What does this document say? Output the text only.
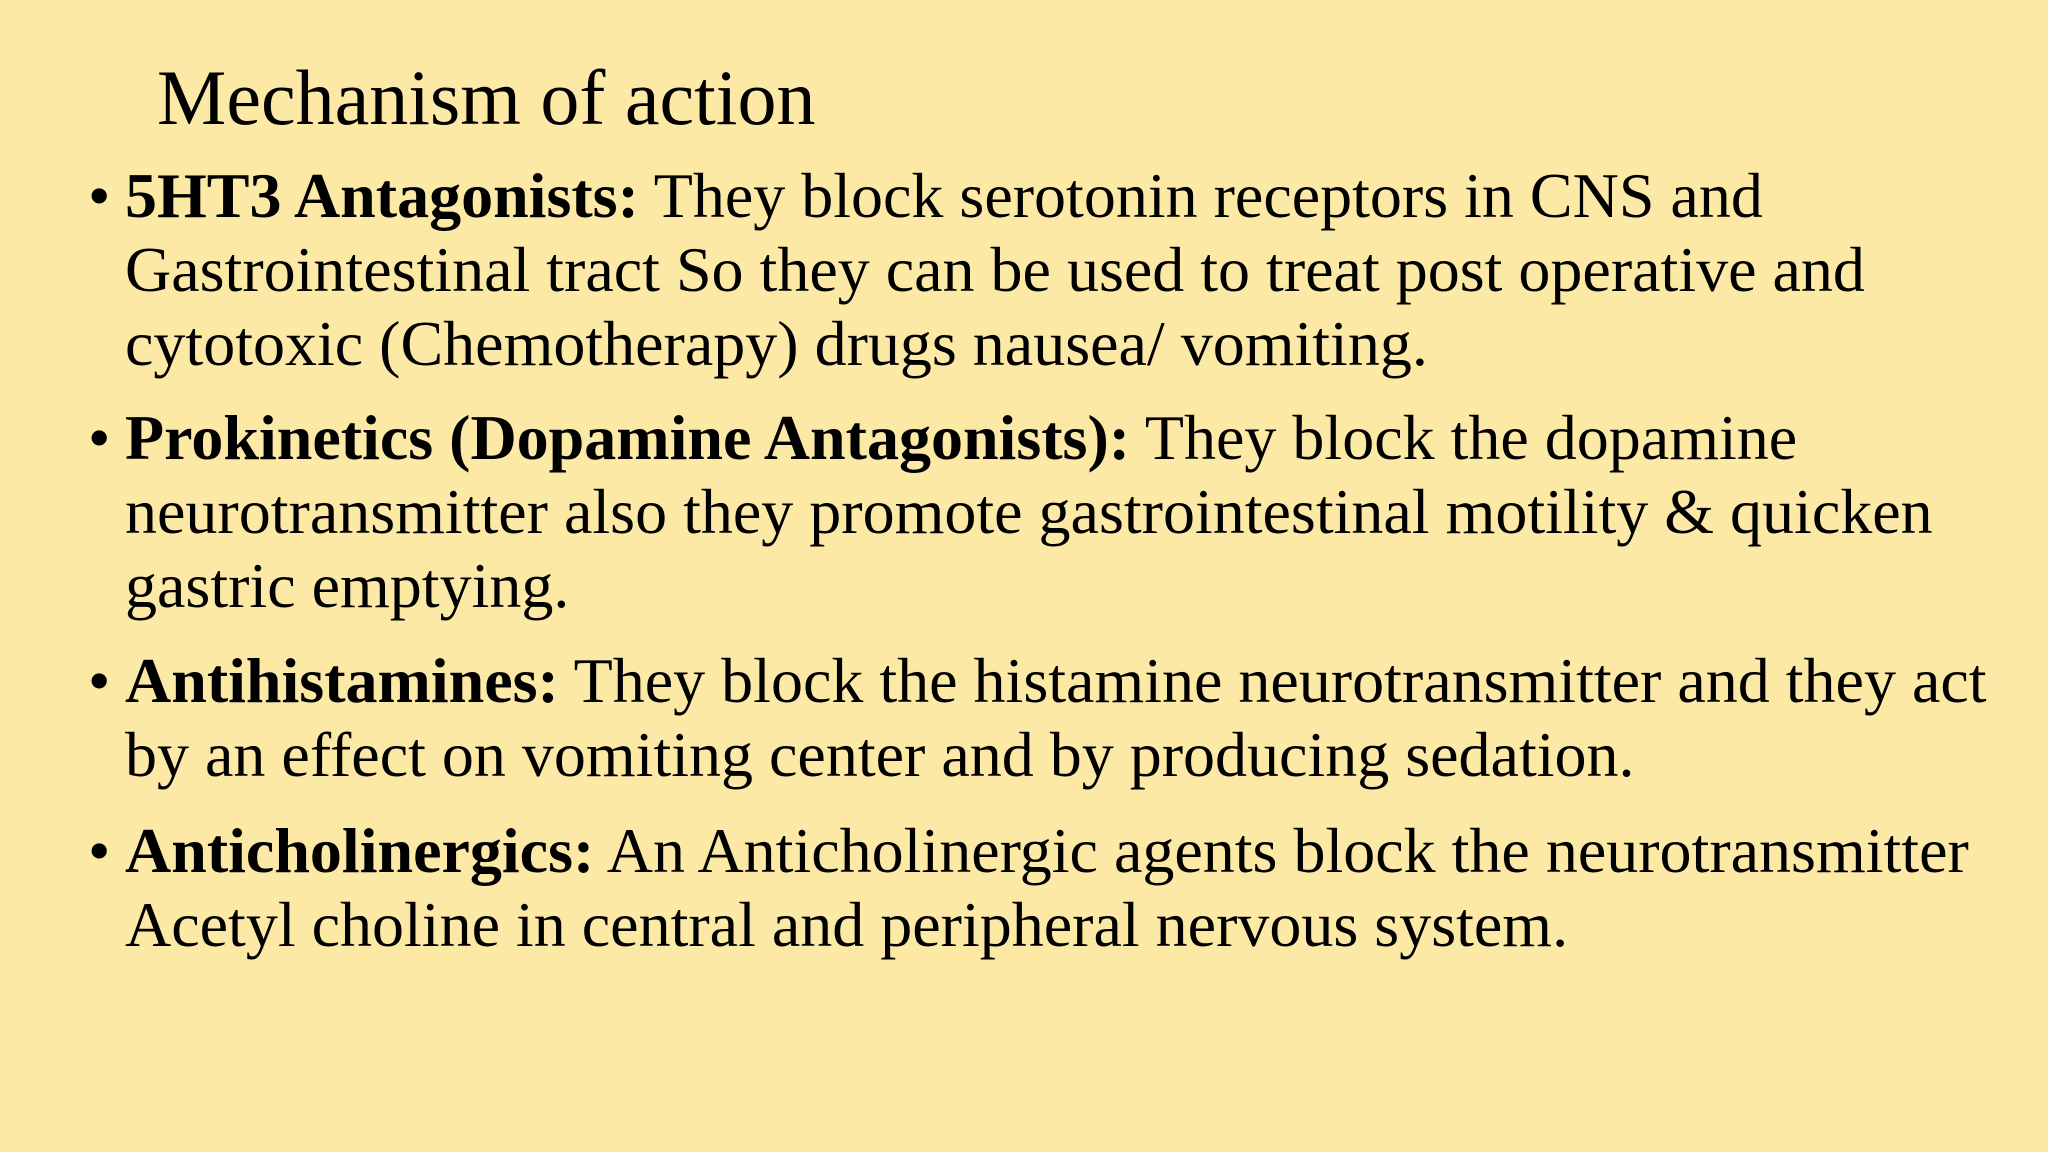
Mechanism of action
• 5HT3 Antagonists: They block serotonin receptors in CNS and Gastrointestinal tract So they can be used to treat post operative and cytotoxic (Chemotherapy) drugs nausea/ vomiting.
• Prokinetics (Dopamine Antagonists): They block the dopamine neurotransmitter also they promote gastrointestinal motility & quicken gastric emptying.
• Antihistamines: They block the histamine neurotransmitter and they act by an effect on vomiting center and by producing sedation.
• Anticholinergics: An Anticholinergic agents block the neurotransmitter Acetyl choline in central and peripheral nervous system.
